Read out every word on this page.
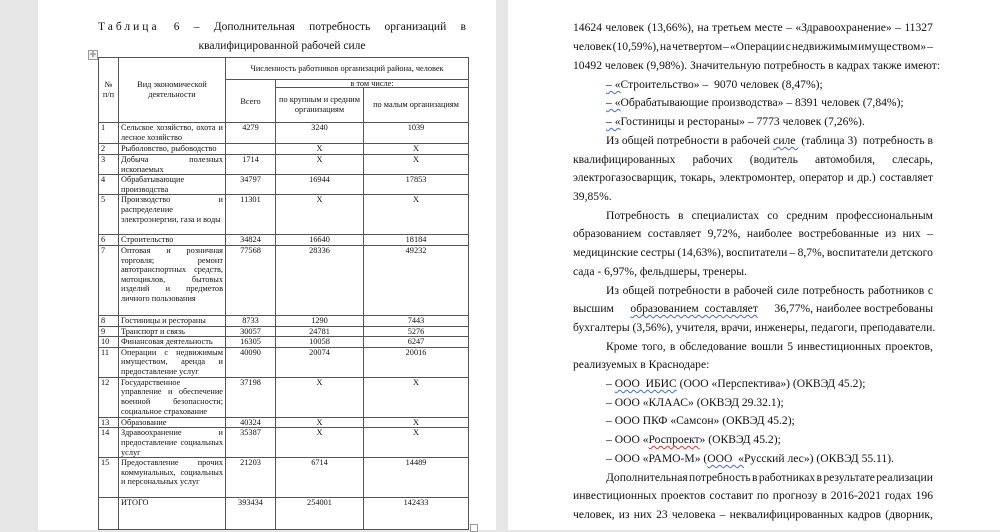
Таблица 6 – Дополнительная потребность организаций в
квалифицированной рабочей силе
✛
№ п/п	Вид экономической деятельности	Численность работников организаций района, человек		
		Всего	в том числе:	
			по крупным и средним организациям	по малым организациям
1	Сельское хозяйство, охота и лесное хозяйство	4279	3240	1039
2	Рыболовство, рыбоводство		X	X
3	Добыча полезных ископаемых	1714	X	X
4	Обрабатывающие производства	34797	16944	17853
5	Производство и распределение электроэнергии, газа и воды	11301	X	X
6	Строительство	34824	16640	18184
7	Оптовая и розничная торговля; ремонт автотранспортных средств, мотоциклов, бытовых изделий и предметов личного пользования	77568	28336	49232
8	Гостиницы и рестораны	8733	1290	7443
9	Транспорт и связь	30057	24781	5276
10	Финансовая деятельность	16305	10058	6247
11	Операции с недвижимым имуществом, аренда и предоставление услуг	40090	20074	20016
12	Государственное управление и обеспечение военной безопасности; социальное страхование	37198	X	X
13	Образование	40324	X	X
14	Здравоохранение и предоставление социальных услуг	35387	X	X
15	Предоставление прочих коммунальных, социальных и персональных услуг	21203	6714	14489
	ИТОГО	393434	254001	142433
14624 человек (13,66%), на третьем месте – «Здравоохранение» – 11327
человек (10,59%), на четвертом – «Операции с недвижимым имуществом» –
10492 человек (9,98%). Значительную потребность в кадрах также имеют:
– «Строительство» –  9070 человек (8,47%);
– «Обрабатывающие производства» – 8391 человек (7,84%);
– «Гостиницы и рестораны» – 7773 человек (7,26%).
Из общей потребности в рабочей силе (таблица 3)  потребность в
квалифицированных рабочих (водитель автомобиля, слесарь,
электрогазосварщик, токарь, электромонтер, оператор и др.) составляет
39,85%.
Потребность в специалистах со средним профессиональным
образованием составляет 9,72%, наиболее востребованные из них –
медицинские сестры (14,63%), воспитатели – 8,7%, воспитатели детского
сада - 6,97%, фельдшеры, тренеры.
Из общей потребности в рабочей силе потребность работников с
высшим образованием  составляет 36,77%, наиболее востребованы
бухгалтеры (3,56%), учителя, врачи, инженеры, педагоги, преподаватели.
Кроме того, в обследование вошли 5 инвестиционных проектов,
реализуемых в Краснодаре:
– ООО  ИБИС (ООО «Перспектива») (ОКВЭД 45.2);
– ООО «КЛААС» (ОКВЭД 29.32.1);
– ООО ПКФ «Самсон» (ОКВЭД 45.2);
– ООО «Роспроект» (ОКВЭД 45.2);
– ООО «РАМО-М» (ООО  «Русский лес») (ОКВЭД 55.11).
Дополнительная потребность в работниках в результате реализации
инвестиционных проектов составит по прогнозу в 2016-2021 годах 196
человек, из них 23 человека – неквалифицированных кадров (дворник,
